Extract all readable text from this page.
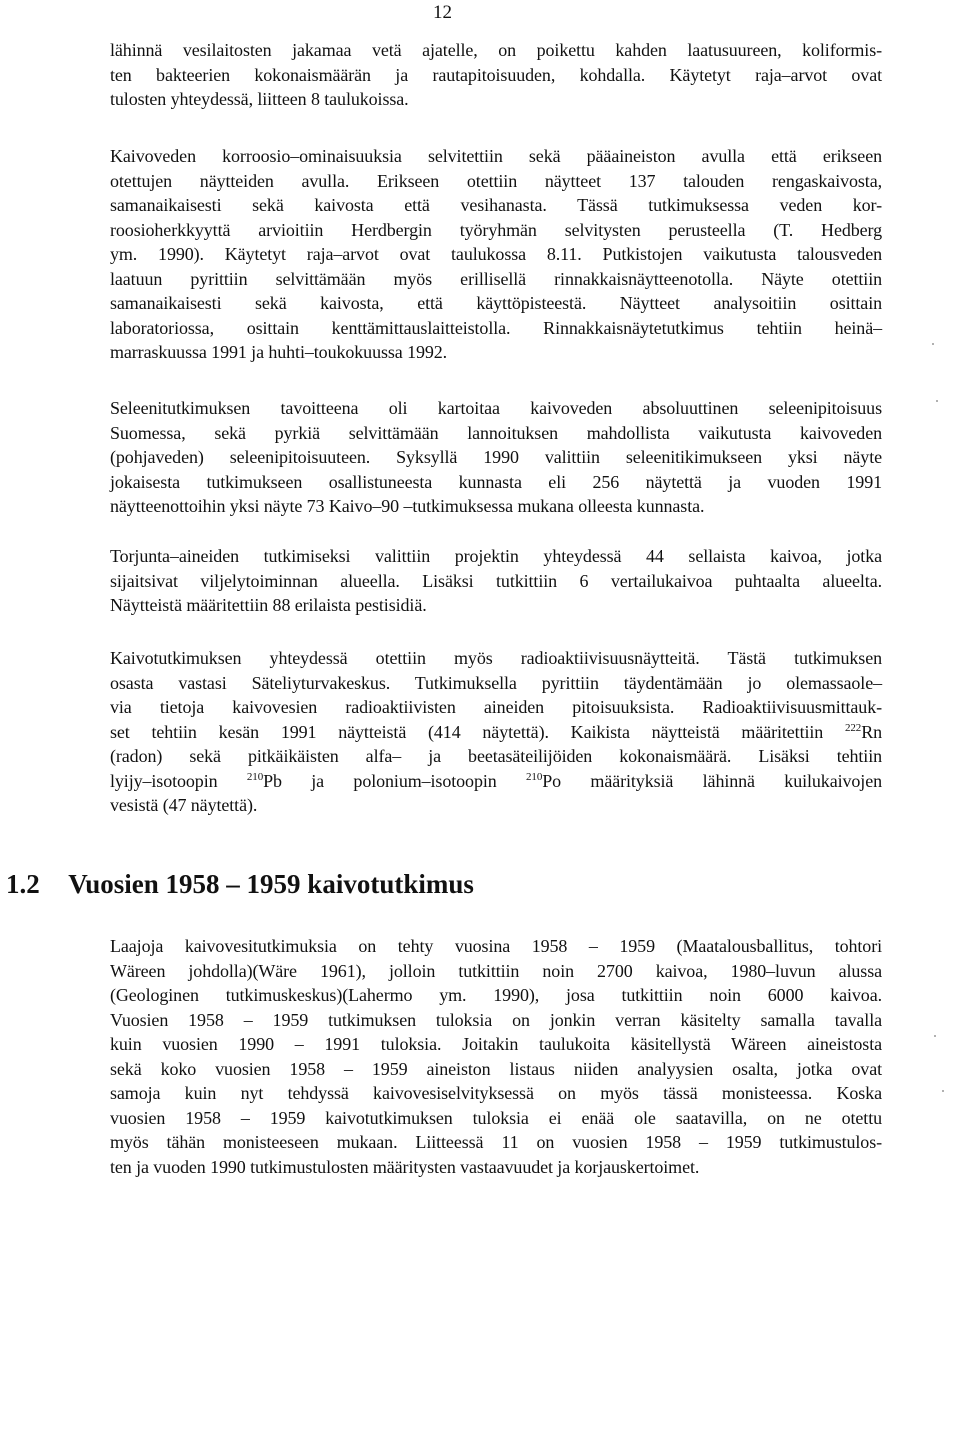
12

lähinnä vesilaitosten jakamaa vetä ajatelle, on poikettu kahden laatusuureen, koliformis-
ten bakteerien kokonaismäärän ja rautapitoisuuden, kohdalla. Käytetyt raja–arvot ovat
tulosten yhteydessä, liitteen 8 taulukoissa.

Kaivoveden korroosio–ominaisuuksia selvitettiin sekä pääaineiston avulla että erikseen
otettujen näytteiden avulla. Erikseen otettiin näytteet 137 talouden rengaskaivosta,
samanaikaisesti sekä kaivosta että vesihanasta. Tässä tutkimuksessa veden kor-
roosioherkkyyttä arvioitiin Herdbergin työryhmän selvitysten perusteella (T. Hedberg
ym. 1990). Käytetyt raja–arvot ovat taulukossa 8.11. Putkistojen vaikutusta talousveden
laatuun pyrittiin selvittämään myös erillisellä rinnakkaisnäytteenotolla. Näyte otettiin
samanaikaisesti sekä kaivosta, että käyttöpisteestä. Näytteet analysoitiin osittain
laboratoriossa, osittain kenttämittauslaitteistolla. Rinnakkaisnäytetutkimus tehtiin heinä–
marraskuussa 1991 ja huhti–toukokuussa 1992.

Seleenitutkimuksen tavoitteena oli kartoitaa kaivoveden absoluuttinen seleenipitoisuus
Suomessa, sekä pyrkiä selvittämään lannoituksen mahdollista vaikutusta kaivoveden
(pohjaveden) seleenipitoisuuteen. Syksyllä 1990 valittiin seleenitikimukseen yksi näyte
jokaisesta tutkimukseen osallistuneesta kunnasta eli 256 näytettä ja vuoden 1991
näytteenottoihin yksi näyte 73 Kaivo–90 –tutkimuksessa mukana olleesta kunnasta.

Torjunta–aineiden tutkimiseksi valittiin projektin yhteydessä 44 sellaista kaivoa, jotka
sijaitsivat viljelytoiminnan alueella. Lisäksi tutkittiin 6 vertailukaivoa puhtaalta alueelta.
Näytteistä määritettiin 88 erilaista pestisidiä.

Kaivotutkimuksen yhteydessä otettiin myös radioaktiivisuusnäytteitä. Tästä tutkimuksen
osasta vastasi Säteliyturvakeskus. Tutkimuksella pyrittiin täydentämään jo olemassaole–
via tietoja kaivovesien radioaktiivisten aineiden pitoisuuksista. Radioaktiivisuusmittauk-
set tehtiin kesän 1991 näytteistä (414 näytettä). Kaikista näytteistä määritettiin $^{222}$Rn
(radon) sekä pitkäikäisten alfa– ja beetasäteilijöiden kokonaismäärä. Lisäksi tehtiin
lyijy–isotoopin	$^{210}$Pb ja polonium–isotoopin	$^{210}$Po määrityksiä lähinnä kuilukaivojen
vesistä (47 näytettä).

1.2 Vuosien 1958 – 1959 kaivotutkimus

Laajoja kaivovesitutkimuksia on tehty vuosina 1958 – 1959 (Maatalousballitus, tohtori
Wäreen johdolla)(Wäre 1961), jolloin tutkittiin noin 2700 kaivoa, 1980–luvun alussa
(Geologinen tutkimuskeskus)(Lahermo ym. 1990), josa tutkittiin noin 6000 kaivoa.
Vuosien 1958 – 1959 tutkimuksen tuloksia on jonkin verran käsitelty samalla tavalla
kuin vuosien 1990 – 1991 tuloksia. Joitakin taulukoita käsitellystä Wäreen aineistosta
sekä koko vuosien 1958 – 1959 aineiston listaus niiden analyysien osalta, jotka ovat
samoja kuin nyt tehdyssä kaivovesiselvityksessä on myös tässä monisteessa. Koska
vuosien 1958 – 1959 kaivotutkimuksen tuloksia ei enää ole saatavilla, on ne otettu
myös tähän monisteeseen mukaan. Liitteessä 11 on vuosien 1958 – 1959 tutkimustulos-
ten ja vuoden 1990 tutkimustulosten määritysten vastaavuudet ja korjauskertoimet.
